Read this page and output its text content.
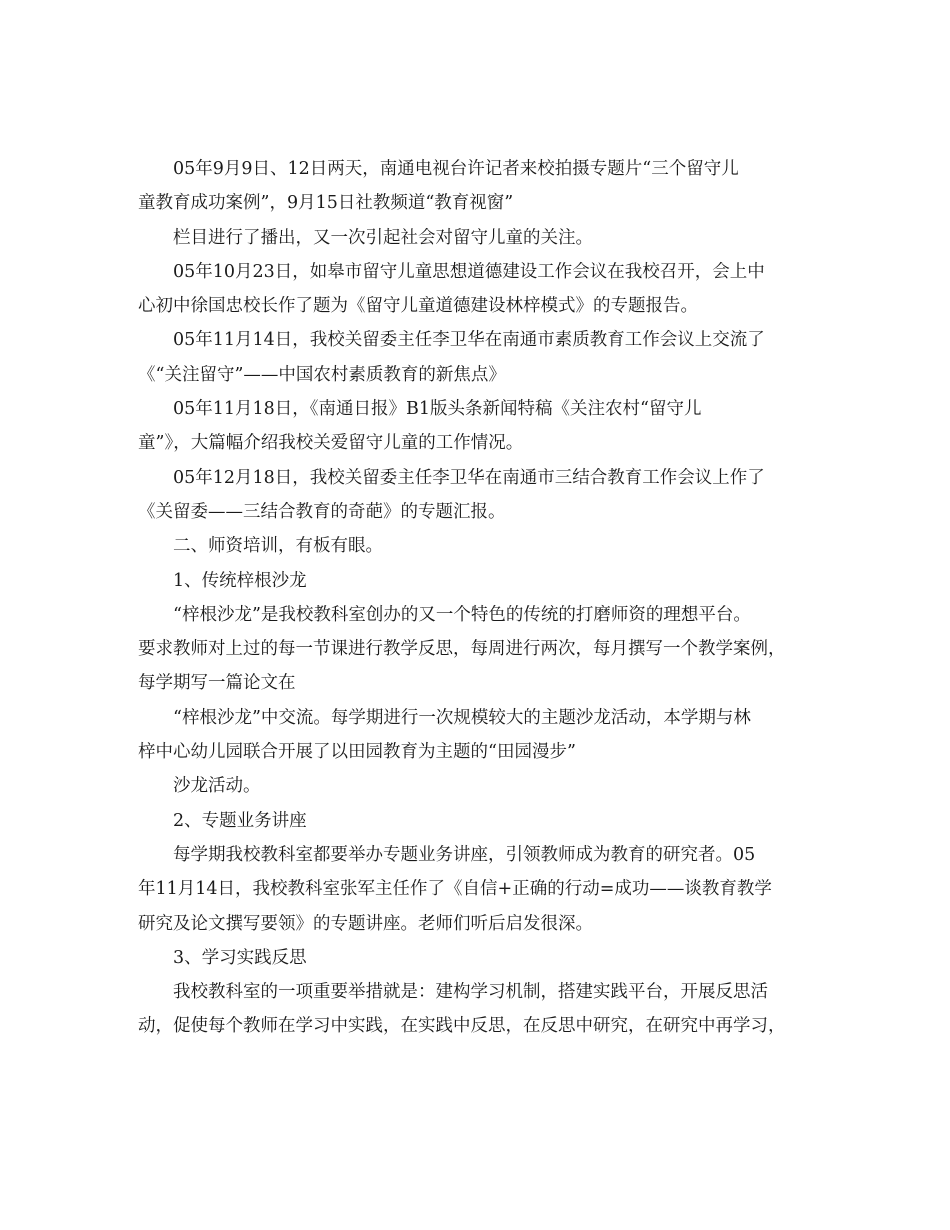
05年9月9日、12日两天，南通电视台许记者来校拍摄专题片“三个留守儿
童教育成功案例”，9月15日社教频道“教育视窗”
栏目进行了播出，又一次引起社会对留守儿童的关注。
05年10月23日，如皋市留守儿童思想道德建设工作会议在我校召开，会上中
心初中徐国忠校长作了题为《留守儿童道德建设林梓模式》的专题报告。
05年11月14日，我校关留委主任李卫华在南通市素质教育工作会议上交流了
《“关注留守”——中国农村素质教育的新焦点》
05年11月18日，《南通日报》B1版头条新闻特稿《关注农村“留守儿
童”》，大篇幅介绍我校关爱留守儿童的工作情况。
05年12月18日，我校关留委主任李卫华在南通市三结合教育工作会议上作了
《关留委——三结合教育的奇葩》的专题汇报。
二、师资培训，有板有眼。
1、传统梓根沙龙
“梓根沙龙”是我校教科室创办的又一个特色的传统的打磨师资的理想平台。
要求教师对上过的每一节课进行教学反思，每周进行两次，每月撰写一个教学案例，
每学期写一篇论文在
“梓根沙龙”中交流。每学期进行一次规模较大的主题沙龙活动，本学期与林
梓中心幼儿园联合开展了以田园教育为主题的“田园漫步”
沙龙活动。
2、专题业务讲座
每学期我校教科室都要举办专题业务讲座，引领教师成为教育的研究者。05
年11月14日，我校教科室张军主任作了《自信+正确的行动=成功——谈教育教学
研究及论文撰写要领》的专题讲座。老师们听后启发很深。
3、学习实践反思
我校教科室的一项重要举措就是：建构学习机制，搭建实践平台，开展反思活
动，促使每个教师在学习中实践，在实践中反思，在反思中研究，在研究中再学习，
